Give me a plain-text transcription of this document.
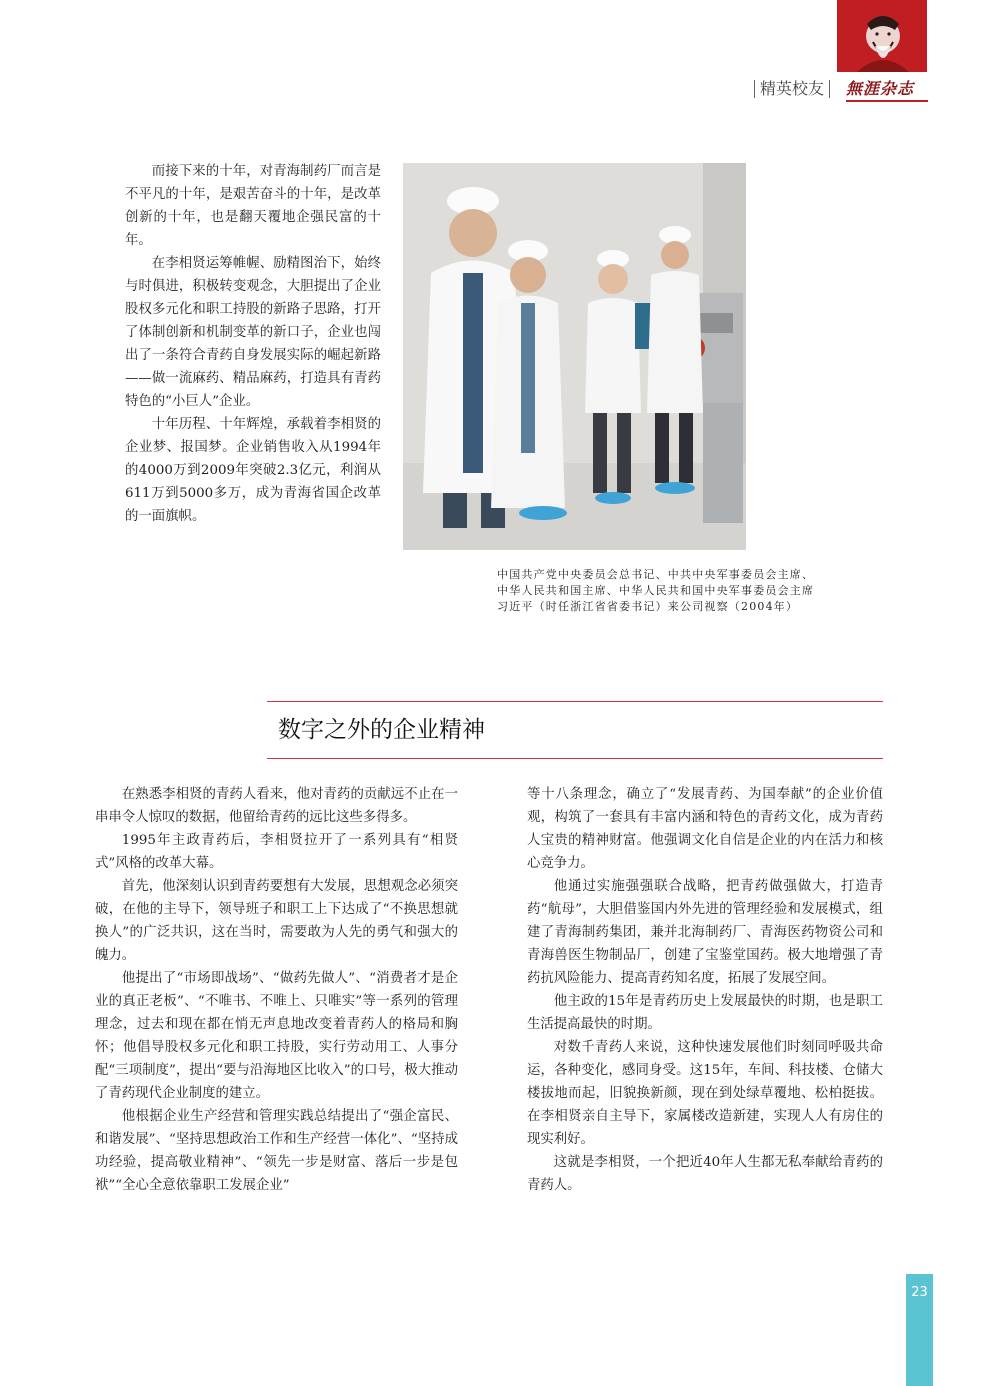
精英校友 無涯杂志

而接下来的十年，对青海制药厂而言是不平凡的十年，是艰苦奋斗的十年，是改革创新的十年，也是翻天覆地企强民富的十年。

在李相贤运筹帷幄、励精图治下，始终与时俱进，积极转变观念，大胆提出了企业股权多元化和职工持股的新路子思路，打开了体制创新和机制变革的新口子，企业也闯出了一条符合青药自身发展实际的崛起新路——做一流麻药、精品麻药，打造具有青药特色的“小巨人”企业。

十年历程、十年辉煌，承载着李相贤的企业梦、报国梦。企业销售收入从1994年的4000万到2009年突破2.3亿元，利润从611万到5000多万，成为青海省国企改革的一面旗帜。

中国共产党中央委员会总书记、中共中央军事委员会主席、

中华人民共和国主席、中华人民共和国中央军事委员会主席

习近平（时任浙江省省委书记）来公司视察（2004年）

数字之外的企业精神

在熟悉李相贤的青药人看来，他对青药的贡献远不止在一串串令人惊叹的数据，他留给青药的远比这些多得多。

1995年主政青药后，李相贤拉开了一系列具有“相贤式”风格的改革大幕。

首先，他深刻认识到青药要想有大发展，思想观念必须突破，在他的主导下，领导班子和职工上下达成了“不换思想就换人”的广泛共识，这在当时，需要敢为人先的勇气和强大的魄力。

他提出了“市场即战场”、“做药先做人”、“消费者才是企业的真正老板”、“不唯书、不唯上、只唯实”等一系列的管理理念，过去和现在都在悄无声息地改变着青药人的格局和胸怀；他倡导股权多元化和职工持股，实行劳动用工、人事分配“三项制度”，提出“要与沿海地区比收入”的口号，极大推动了青药现代企业制度的建立。

他根据企业生产经营和管理实践总结提出了“强企富民、和谐发展”、“坚持思想政治工作和生产经营一体化”、“坚持成功经验，提高敬业精神”、“领先一步是财富、落后一步是包袱”“全心全意依靠职工发展企业”

等十八条理念，确立了“发展青药、为国奉献”的企业价值观，构筑了一套具有丰富内涵和特色的青药文化，成为青药人宝贵的精神财富。他强调文化自信是企业的内在活力和核心竞争力。

他通过实施强强联合战略，把青药做强做大，打造青药“航母”，大胆借鉴国内外先进的管理经验和发展模式，组建了青海制药集团，兼并北海制药厂、青海医药物资公司和青海兽医生物制品厂，创建了宝鉴堂国药。极大地增强了青药抗风险能力、提高青药知名度，拓展了发展空间。

他主政的15年是青药历史上发展最快的时期，也是职工生活提高最快的时期。

对数千青药人来说，这种快速发展他们时刻同呼吸共命运，各种变化，感同身受。这15年，车间、科技楼、仓储大楼拔地而起，旧貌换新颜，现在到处绿草覆地、松柏挺拔。在李相贤亲自主导下，家属楼改造新建，实现人人有房住的现实利好。

这就是李相贤，一个把近40年人生都无私奉献给青药的青药人。

23
